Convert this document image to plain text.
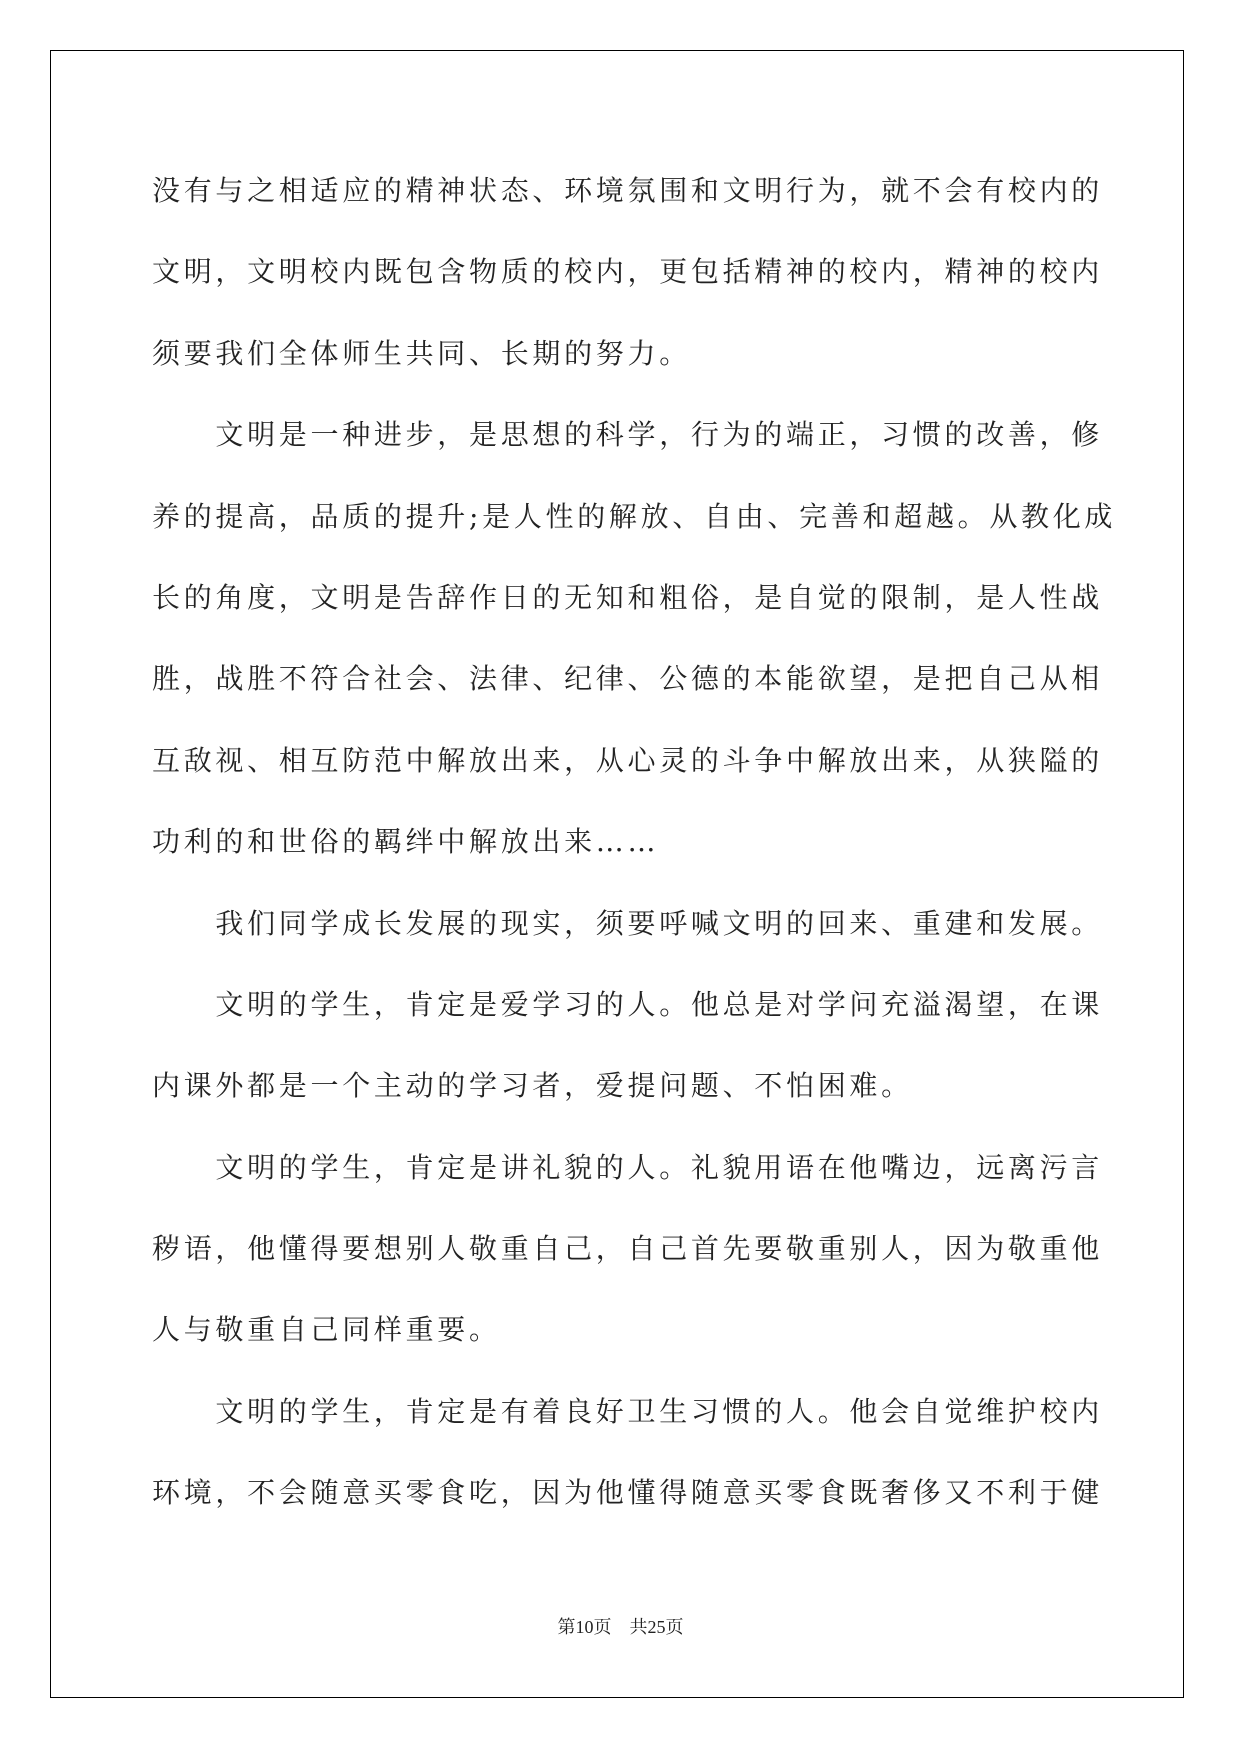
没有与之相适应的精神状态、环境氛围和文明行为，就不会有校内的
文明，文明校内既包含物质的校内，更包括精神的校内，精神的校内
须要我们全体师生共同、长期的努力。
　　文明是一种进步，是思想的科学，行为的端正，习惯的改善，修
养的提高，品质的提升;是人性的解放、自由、完善和超越。从教化成
长的角度，文明是告辞作日的无知和粗俗，是自觉的限制，是人性战
胜，战胜不符合社会、法律、纪律、公德的本能欲望，是把自己从相
互敌视、相互防范中解放出来，从心灵的斗争中解放出来，从狭隘的
功利的和世俗的羁绊中解放出来……
　　我们同学成长发展的现实，须要呼喊文明的回来、重建和发展。
　　文明的学生，肯定是爱学习的人。他总是对学问充溢渴望，在课
内课外都是一个主动的学习者，爱提问题、不怕困难。
　　文明的学生，肯定是讲礼貌的人。礼貌用语在他嘴边，远离污言
秽语，他懂得要想别人敬重自己，自己首先要敬重别人，因为敬重他
人与敬重自己同样重要。
　　文明的学生，肯定是有着良好卫生习惯的人。他会自觉维护校内
环境，不会随意买零食吃，因为他懂得随意买零食既奢侈又不利于健
第10页　共25页
